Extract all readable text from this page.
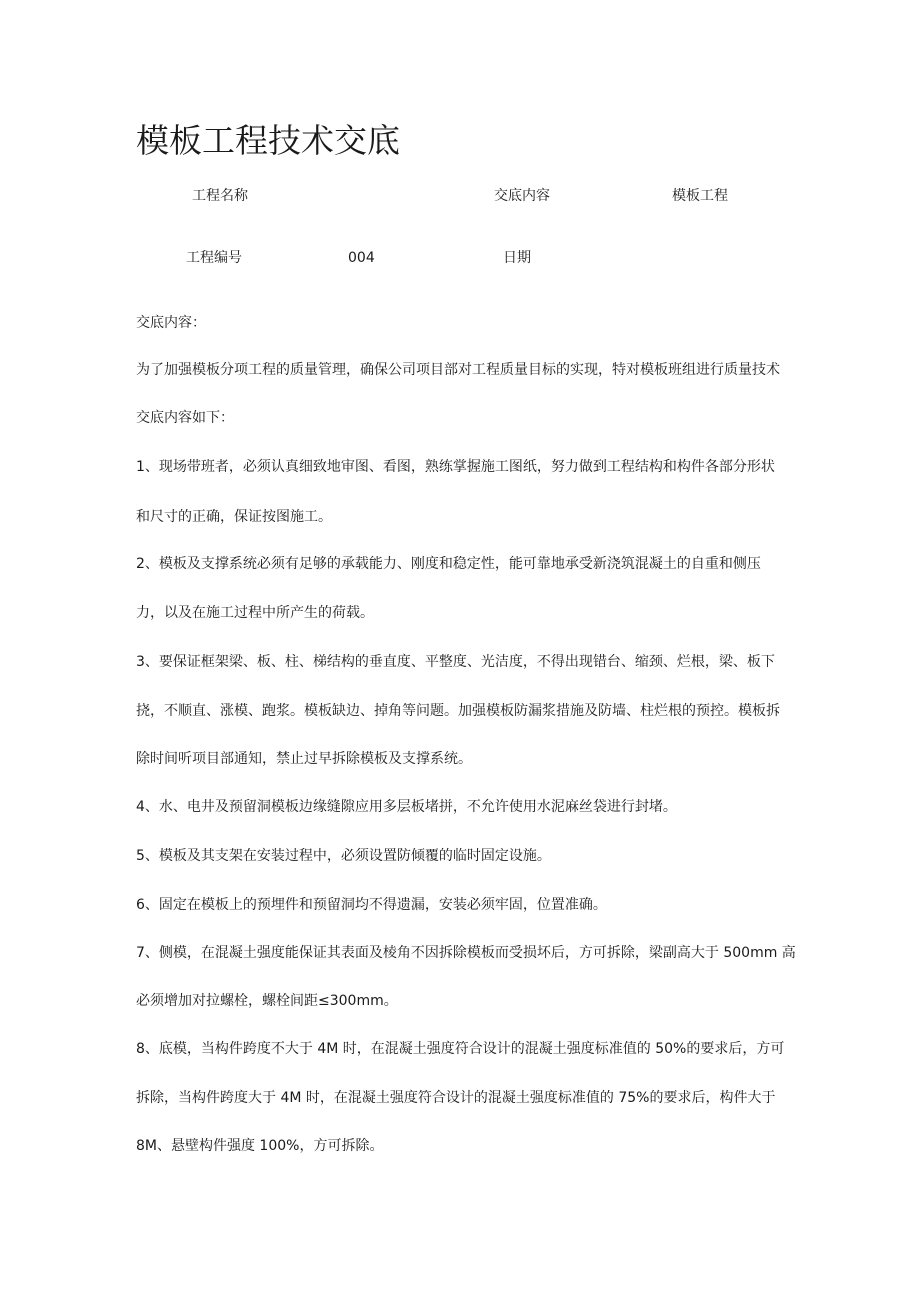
模板工程技术交底
工程名称	交底内容	模板工程
工程编号	004	日期
交底内容：
为了加强模板分项工程的质量管理，确保公司项目部对工程质量目标的实现，特对模板班组进行质量技术
交底内容如下：
1、现场带班者，必须认真细致地审图、看图，熟练掌握施工图纸，努力做到工程结构和构件各部分形状
和尺寸的正确，保证按图施工。
2、模板及支撑系统必须有足够的承载能力、刚度和稳定性，能可靠地承受新浇筑混凝土的自重和侧压
力，以及在施工过程中所产生的荷载。
3、要保证框架梁、板、柱、梯结构的垂直度、平整度、光洁度，不得出现错台、缩颈、烂根，梁、板下
挠，不顺直、涨模、跑浆。模板缺边、掉角等问题。加强模板防漏浆措施及防墙、柱烂根的预控。模板拆
除时间听项目部通知，禁止过早拆除模板及支撑系统。
4、水、电井及预留洞模板边缘缝隙应用多层板堵拼，不允许使用水泥麻丝袋进行封堵。
5、模板及其支架在安装过程中，必须设置防倾覆的临时固定设施。
6、固定在模板上的预埋件和预留洞均不得遗漏，安装必须牢固，位置准确。
7、侧模，在混凝土强度能保证其表面及棱角不因拆除模板而受损坏后，方可拆除，梁副高大于 500mm 高
必须增加对拉螺栓，螺栓间距≤300mm。
8、底模，当构件跨度不大于 4M 时，在混凝土强度符合设计的混凝土强度标准值的 50%的要求后，方可
拆除，当构件跨度大于 4M 时，在混凝土强度符合设计的混凝土强度标准值的 75%的要求后，构件大于
8M、悬壁构件强度 100%，方可拆除。
